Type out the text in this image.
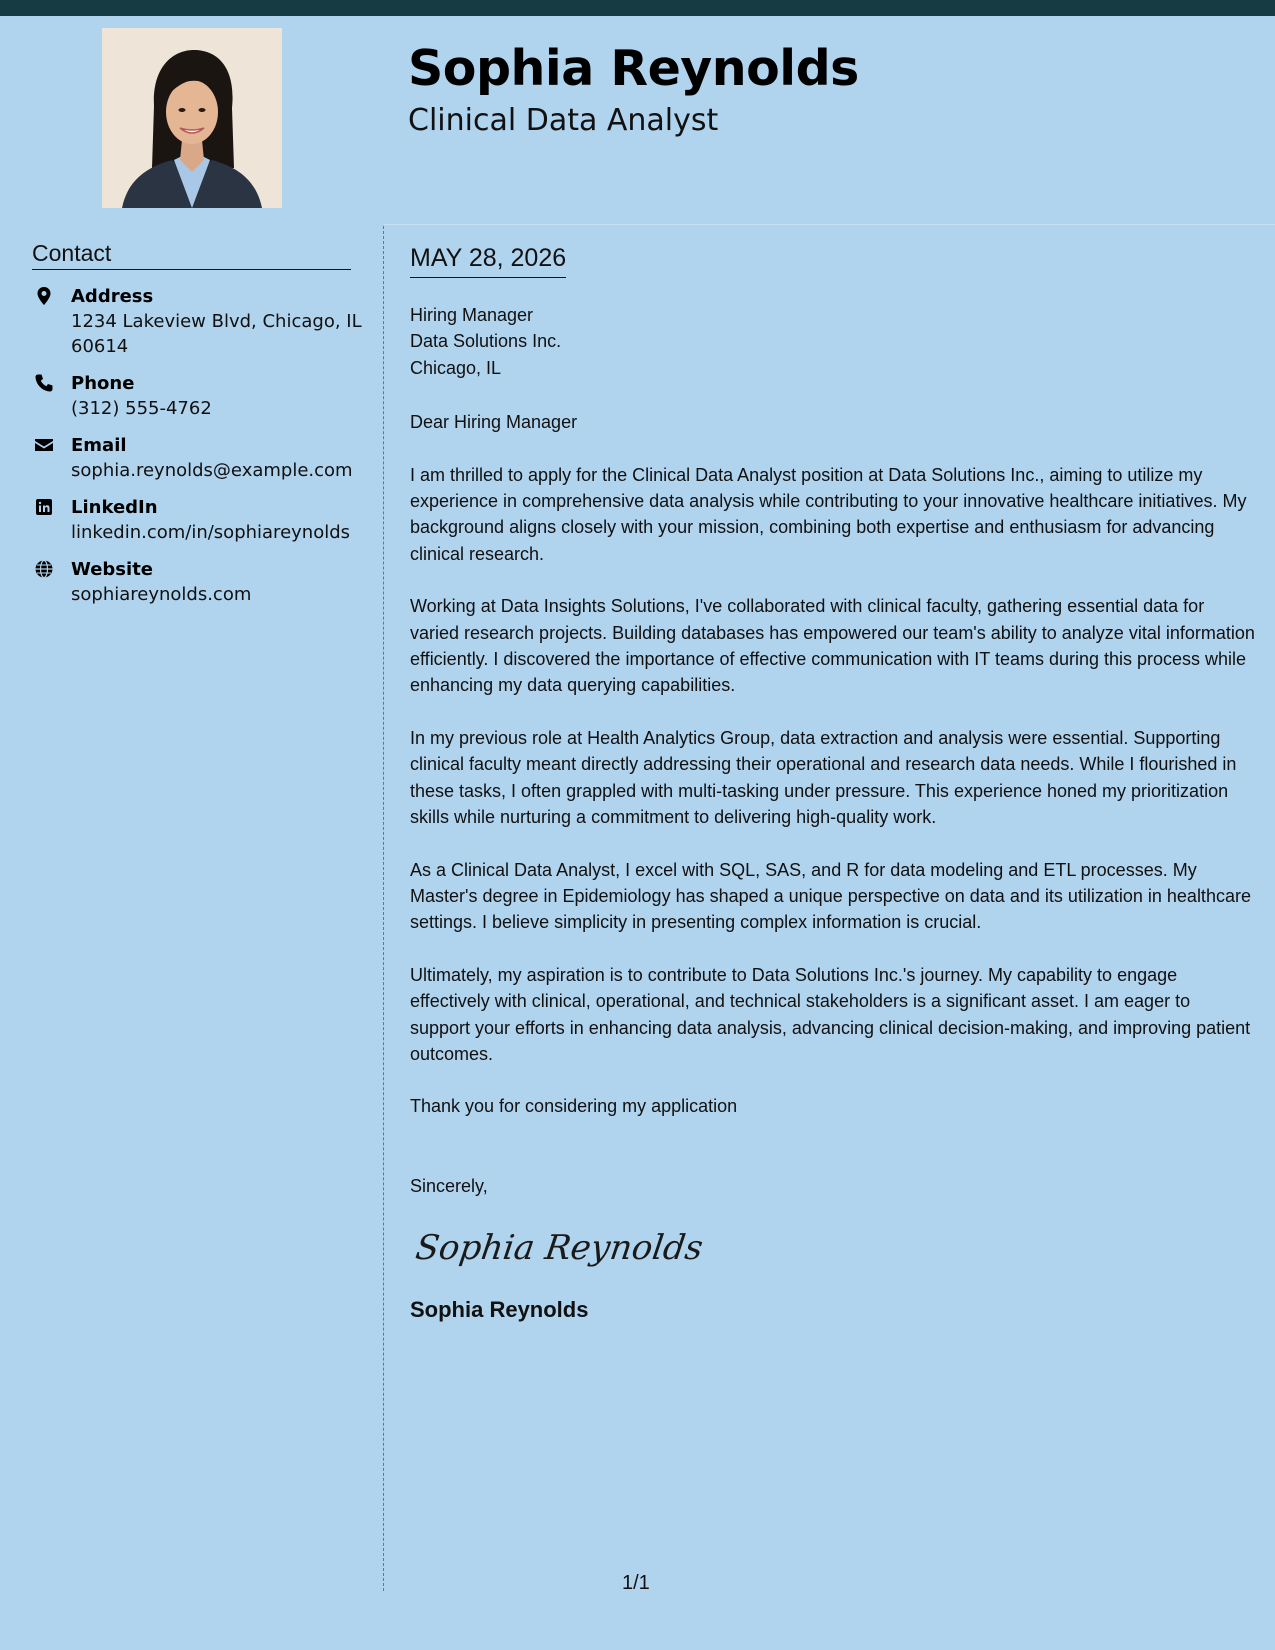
Sophia Reynolds
Clinical Data Analyst
Contact
Address
1234 Lakeview Blvd, Chicago, IL 60614
Phone
(312) 555-4762
Email
sophia.reynolds@example.com
LinkedIn
linkedin.com/in/sophiareynolds
Website
sophiareynolds.com
MAY 28, 2026
Hiring Manager
Data Solutions Inc.
Chicago, IL
Dear Hiring Manager
I am thrilled to apply for the Clinical Data Analyst position at Data Solutions Inc., aiming to utilize my experience in comprehensive data analysis while contributing to your innovative healthcare initiatives. My background aligns closely with your mission, combining both expertise and enthusiasm for advancing clinical research.
Working at Data Insights Solutions, I've collaborated with clinical faculty, gathering essential data for varied research projects. Building databases has empowered our team's ability to analyze vital information efficiently. I discovered the importance of effective communication with IT teams during this process while enhancing my data querying capabilities.
In my previous role at Health Analytics Group, data extraction and analysis were essential. Supporting clinical faculty meant directly addressing their operational and research data needs. While I flourished in these tasks, I often grappled with multi-tasking under pressure. This experience honed my prioritization skills while nurturing a commitment to delivering high-quality work.
As a Clinical Data Analyst, I excel with SQL, SAS, and R for data modeling and ETL processes. My Master's degree in Epidemiology has shaped a unique perspective on data and its utilization in healthcare settings. I believe simplicity in presenting complex information is crucial.
Ultimately, my aspiration is to contribute to Data Solutions Inc.'s journey. My capability to engage effectively with clinical, operational, and technical stakeholders is a significant asset. I am eager to support your efforts in enhancing data analysis, advancing clinical decision-making, and improving patient outcomes.
Thank you for considering my application
Sincerely,
Sophia Reynolds
Sophia Reynolds
1/1
